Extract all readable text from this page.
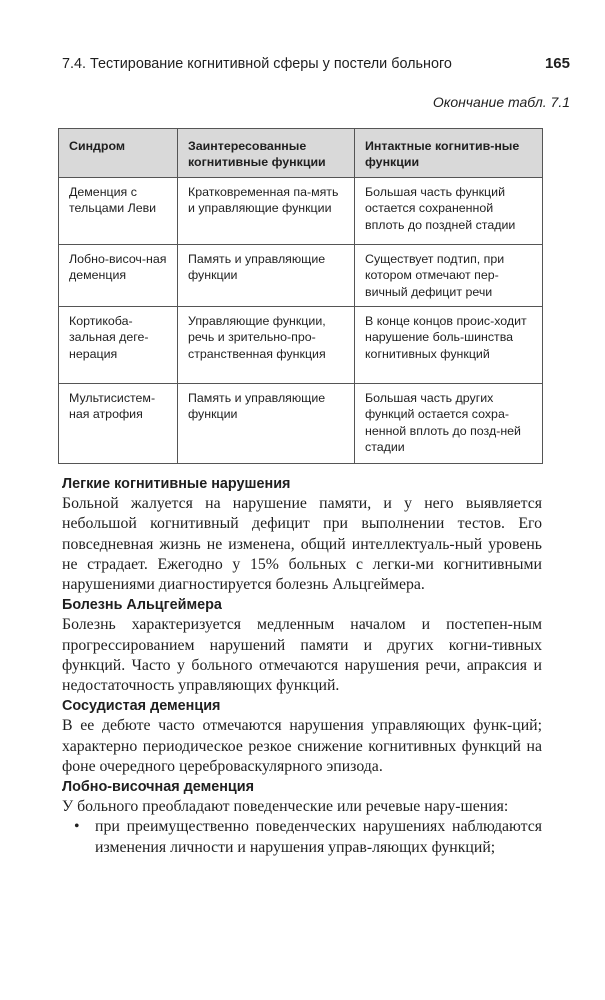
7.4. Тестирование когнитивной сферы у постели больного	165
Окончание табл. 7.1
Синдром	Заинтересованные когнитивные функции	Интактные когнитив-ные функции
Деменция с тельцами Леви	Кратковременная па-мять и управляющие функции	Большая часть функций остается сохраненной вплоть до поздней стадии
Лобно-височ-ная деменция	Память и управляющие функции	Существует подтип, при котором отмечают пер-вичный дефицит речи
Кортикоба-зальная деге-нерация	Управляющие функции, речь и зрительно-про-странственная функция	В конце концов проис-ходит нарушение боль-шинства когнитивных функций
Мультисистем-ная атрофия	Память и управляющие функции	Большая часть других функций остается сохра-ненной вплоть до позд-ней стадии
Легкие когнитивные нарушения

Больной жалуется на нарушение памяти, и у него выявляется небольшой когнитивный дефицит при выполнении тестов. Его повседневная жизнь не изменена, общий интеллектуаль-ный уровень не страдает. Ежегодно у 15% больных с легки-ми когнитивными нарушениями диагностируется болезнь Альцгеймера.

Болезнь Альцгеймера

Болезнь характеризуется медленным началом и постепен-ным прогрессированием нарушений памяти и других когни-тивных функций. Часто у больного отмечаются нарушения речи, апраксия и недостаточность управляющих функций.

Сосудистая деменция

В ее дебюте часто отмечаются нарушения управляющих функ-ций; характерно периодическое резкое снижение когнитивных функций на фоне очередного цереброваскулярного эпизода.

Лобно-височная деменция

У больного преобладают поведенческие или речевые нару-шения:

• при преимущественно поведенческих нарушениях наблюдаются изменения личности и нарушения управ-ляющих функций;
